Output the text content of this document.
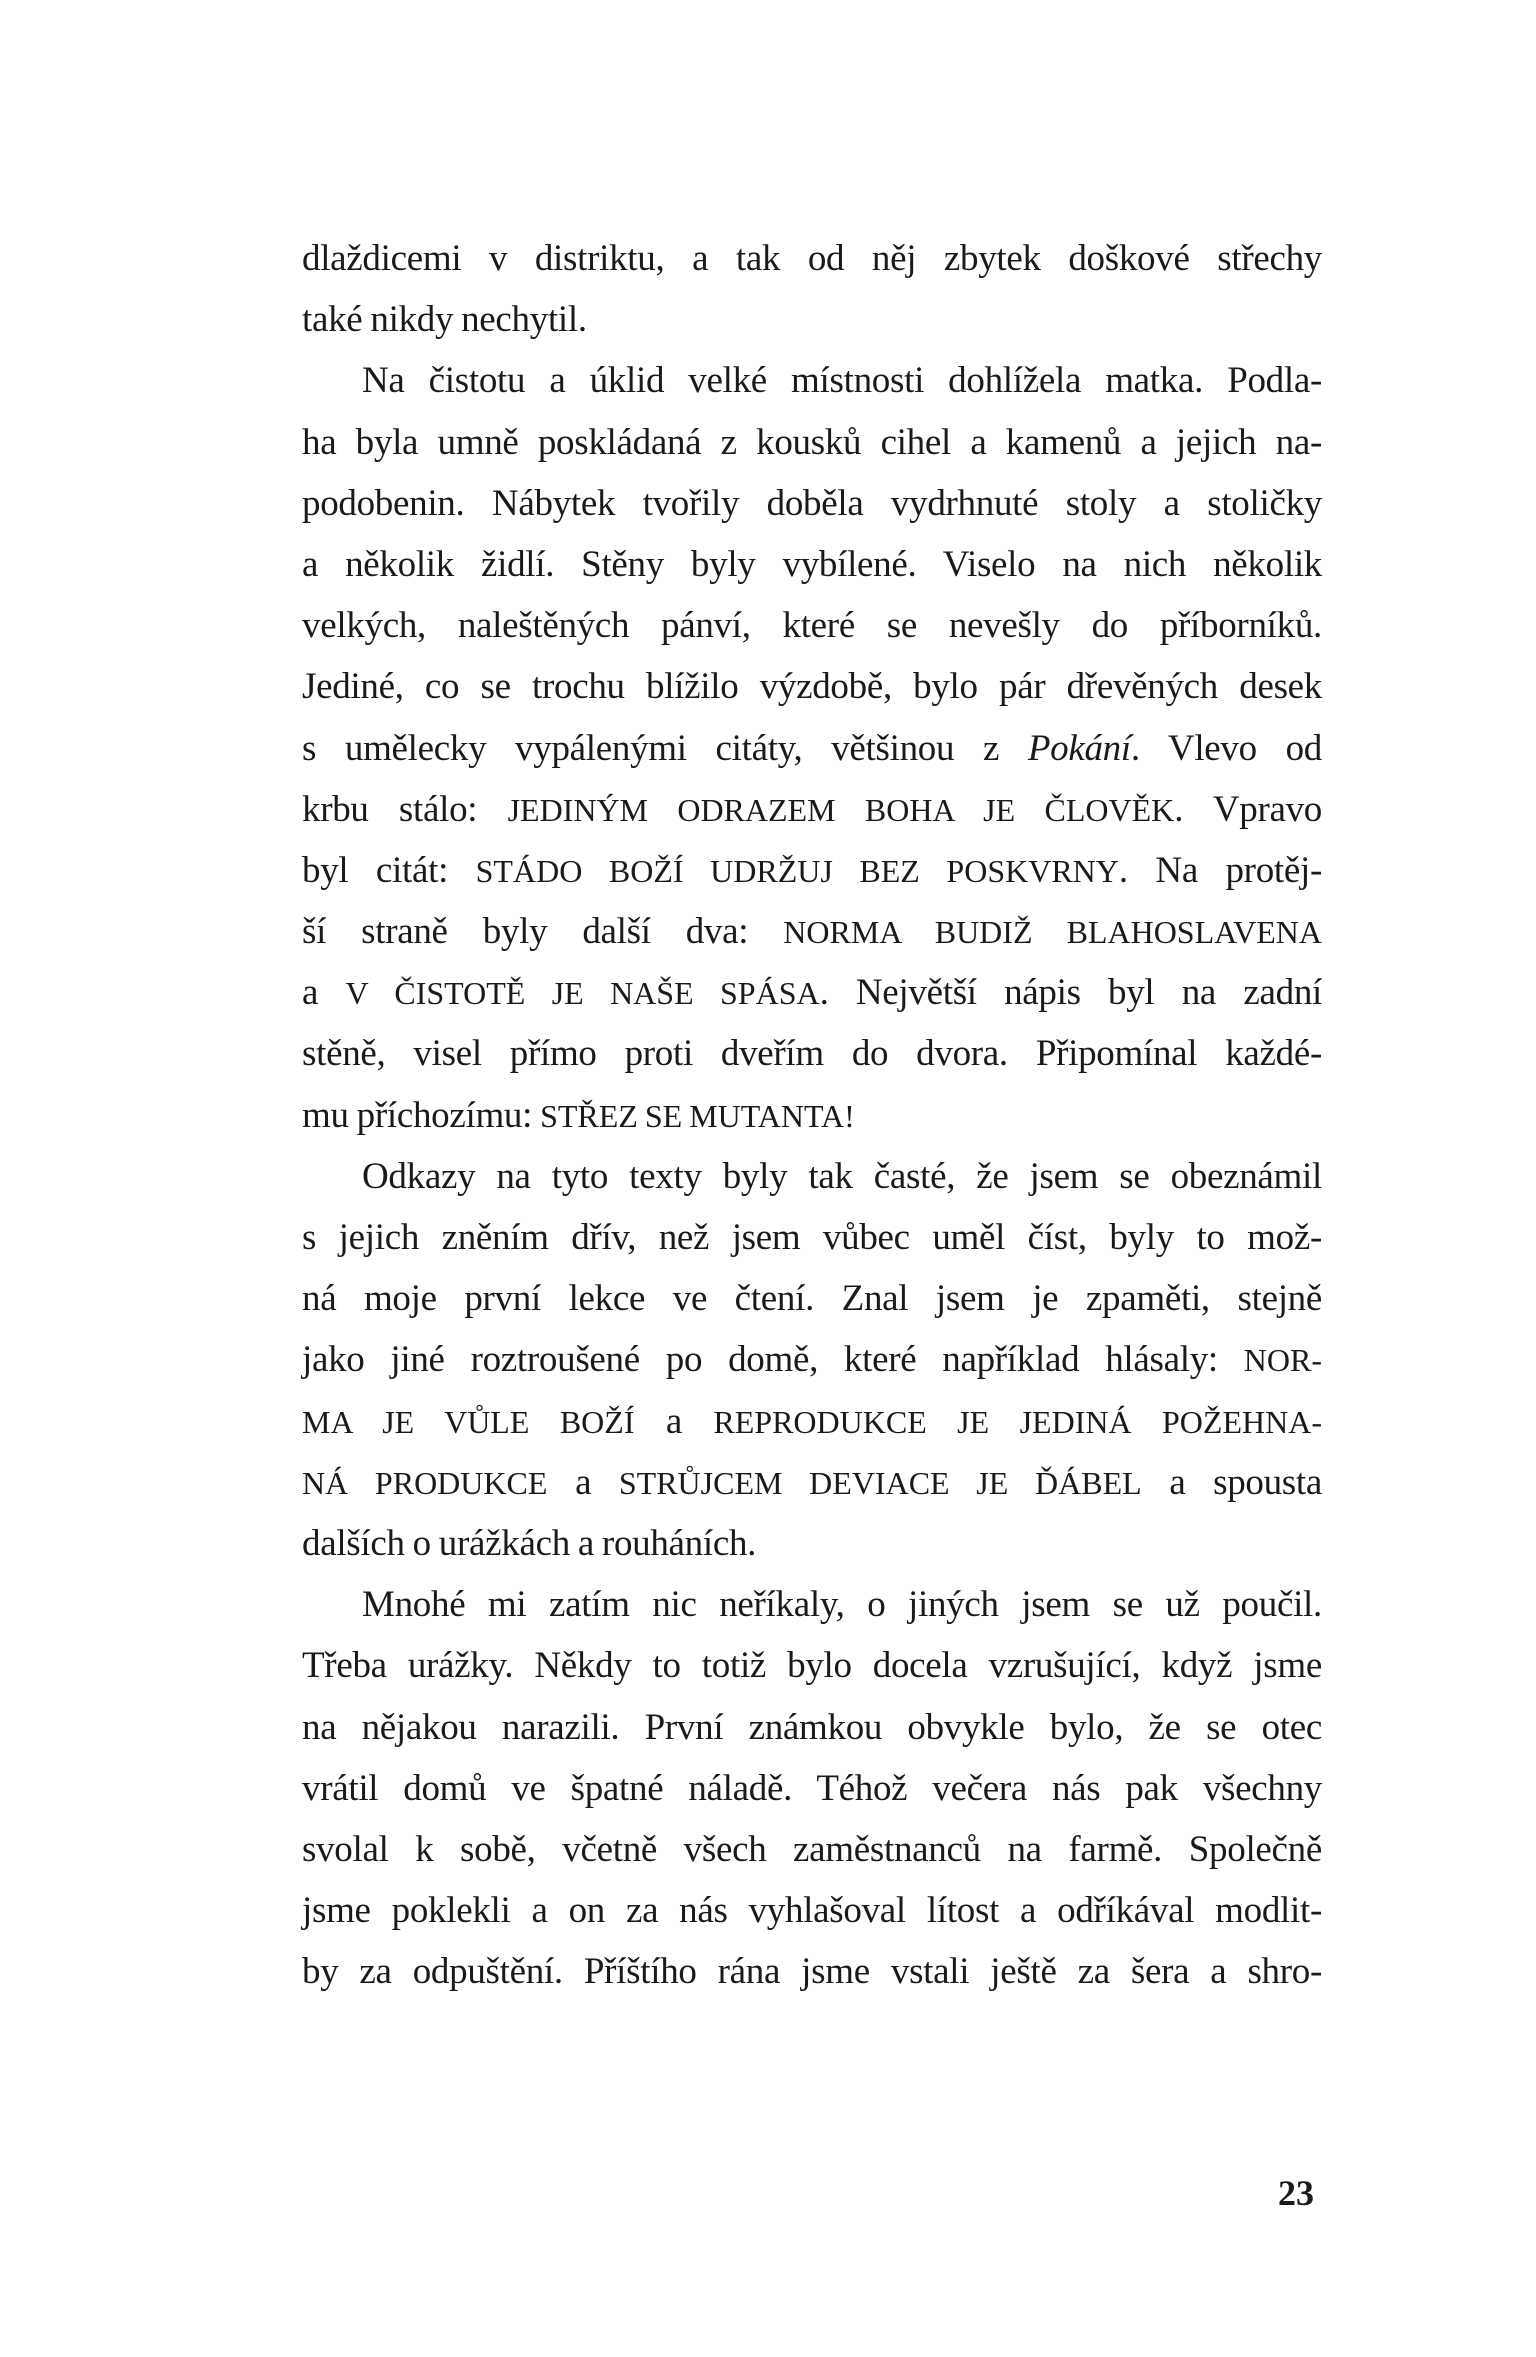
dlaždicemi v distriktu, a tak od něj zbytek doškové střechy
také nikdy nechytil.
Na čistotu a úklid velké místnosti dohlížela matka. Podla-
ha byla umně poskládaná z kousků cihel a kamenů a jejich na-
podobenin. Nábytek tvořily doběla vydrhnuté stoly a stoličky
a několik židlí. Stěny byly vybílené. Viselo na nich několik
velkých, naleštěných pánví, které se nevešly do příborníků.
Jediné, co se trochu blížilo výzdobě, bylo pár dřevěných desek
s umělecky vypálenými citáty, většinou z Pokání. Vlevo od
krbu stálo: JEDINÝM ODRAZEM BOHA JE ČLOVĚK. Vpravo
byl citát: STÁDO BOŽÍ UDRŽUJ BEZ POSKVRNY. Na protěj-
ší straně byly další dva: NORMA BUDIŽ BLAHOSLAVENA
a V ČISTOTĚ JE NAŠE SPÁSA. Největší nápis byl na zadní
stěně, visel přímo proti dveřím do dvora. Připomínal každé-
mu příchozímu: STŘEZ SE MUTANTA!
Odkazy na tyto texty byly tak časté, že jsem se obeznámil
s jejich zněním dřív, než jsem vůbec uměl číst, byly to mož-
ná moje první lekce ve čtení. Znal jsem je zpaměti, stejně
jako jiné roztroušené po domě, které například hlásaly: NOR-
MA JE VŮLE BOŽÍ a REPRODUKCE JE JEDINÁ POŽEHNA-
NÁ PRODUKCE a STRŮJCEM DEVIACE JE ĎÁBEL a spousta
dalších o urážkách a rouháních.
Mnohé mi zatím nic neříkaly, o jiných jsem se už poučil.
Třeba urážky. Někdy to totiž bylo docela vzrušující, když jsme
na nějakou narazili. První známkou obvykle bylo, že se otec
vrátil domů ve špatné náladě. Téhož večera nás pak všechny
svolal k sobě, včetně všech zaměstnanců na farmě. Společně
jsme poklekli a on za nás vyhlašoval lítost a odříkával modlit-
by za odpuštění. Příštího rána jsme vstali ještě za šera a shro-
23
